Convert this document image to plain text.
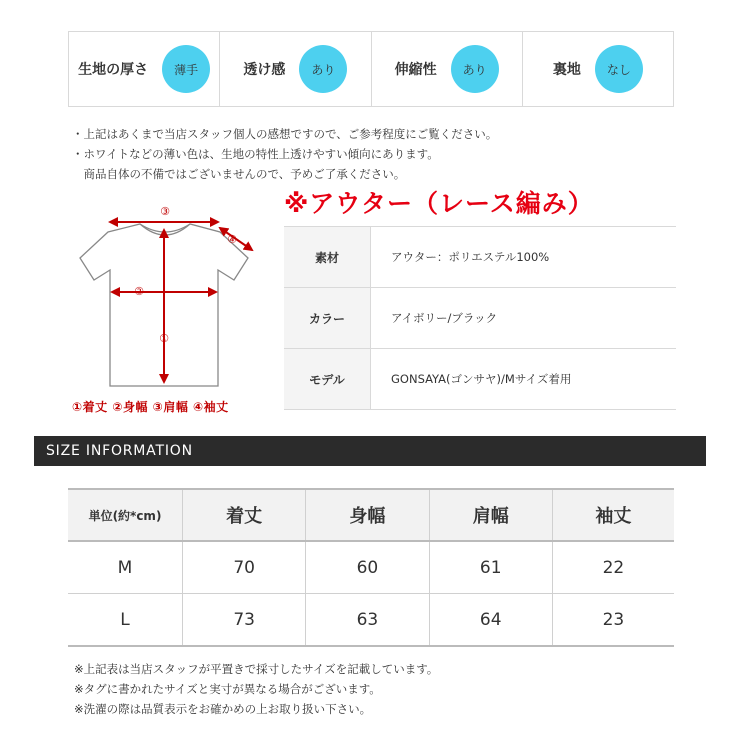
生地の厚さ	薄手	透け感	あり	伸縮性	あり	裏地	なし
・上記はあくまで当店スタッフ個人の感想ですので、ご参考程度にご覧ください。
・ホワイトなどの薄い色は、生地の特性上透けやすい傾向にあります。
　商品自体の不備ではございませんので、予めご了承ください。
③
④
②
①
①着丈 ②身幅 ③肩幅 ④袖丈
※アウター（レース編み）
素材	アウター：ポリエステル100%
カラー	アイボリー/ブラック
モデル	GONSAYA(ゴンサヤ)/Mサイズ着用
SIZE INFORMATION
単位(約*cm)	着丈	身幅	肩幅	袖丈
M	70	60	61	22
L	73	63	64	23
※上記表は当店スタッフが平置きで採寸したサイズを記載しています。
※タグに書かれたサイズと実寸が異なる場合がございます。
※洗濯の際は品質表示をお確かめの上お取り扱い下さい。
